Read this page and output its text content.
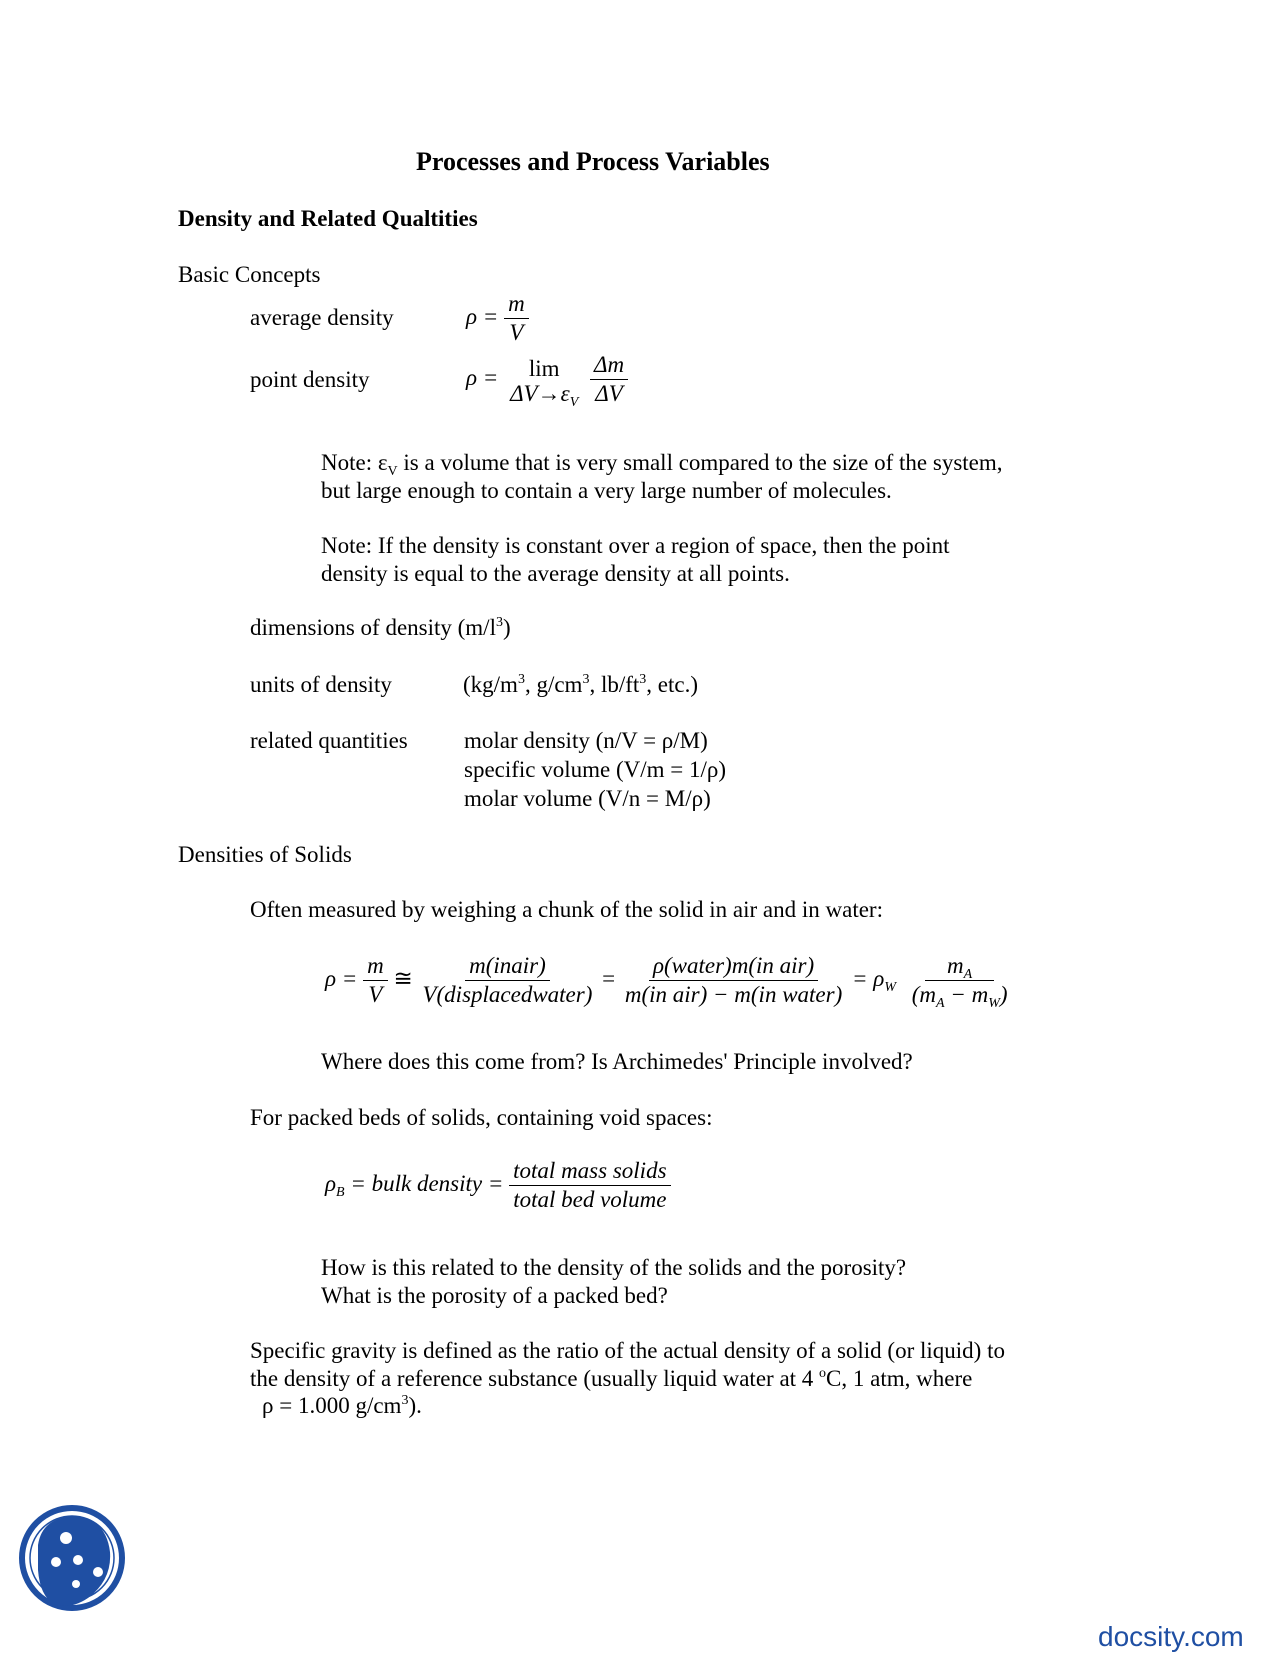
Processes and Process Variables
Density and Related Qualtities
Basic Concepts
average density	$\rho = \frac{m}{V}$
point density	ρ = lim
$\Delta V\to\varepsilon_V$
$\frac{\Delta m}{\Delta V}$
Note: $\varepsilon_V$ is a volume that is very small compared to the size of the system,
but large enough to contain a very large number of molecules.
Note: If the density is constant over a region of space, then the point
density is equal to the average density at all points.
dimensions of density $(m/l^3)$
units of density	($kg/m^3$, $g/cm^3$, $lb/ft^3$, etc.)
related quantities molar density (n/V = ρ/M)
specific volume (V/m = 1/ρ)
molar volume (V/n = M/ρ)
Densities of Solids
Often measured by weighing a chunk of the solid in air and in water:
$\rho = \frac{m}{V}$ ≅ $\frac{\text{m(inair)}}{\text{V(displacedwater)}} = \frac{\text{ρ(water)m(in air)}}{\text{m(in air) − m(in water)}} = \rho_W \frac{m_A}{(m_A - m_W)}$
Where does this come from? Is Archimedes' Principle involved?
For packed beds of solids, containing void spaces:
$\rho_B$ = bulk density = $\frac{\text{total mass solids}}{\text{total bed volume}}$
How is this related to the density of the solids and the porosity?
What is the porosity of a packed bed?
Specific gravity is defined as the ratio of the actual density of a solid (or liquid) to
the density of a reference substance (usually liquid water at 4 $^o$C, 1 atm, where
ρ = 1.000 $g/cm^3$).
docsity.com
